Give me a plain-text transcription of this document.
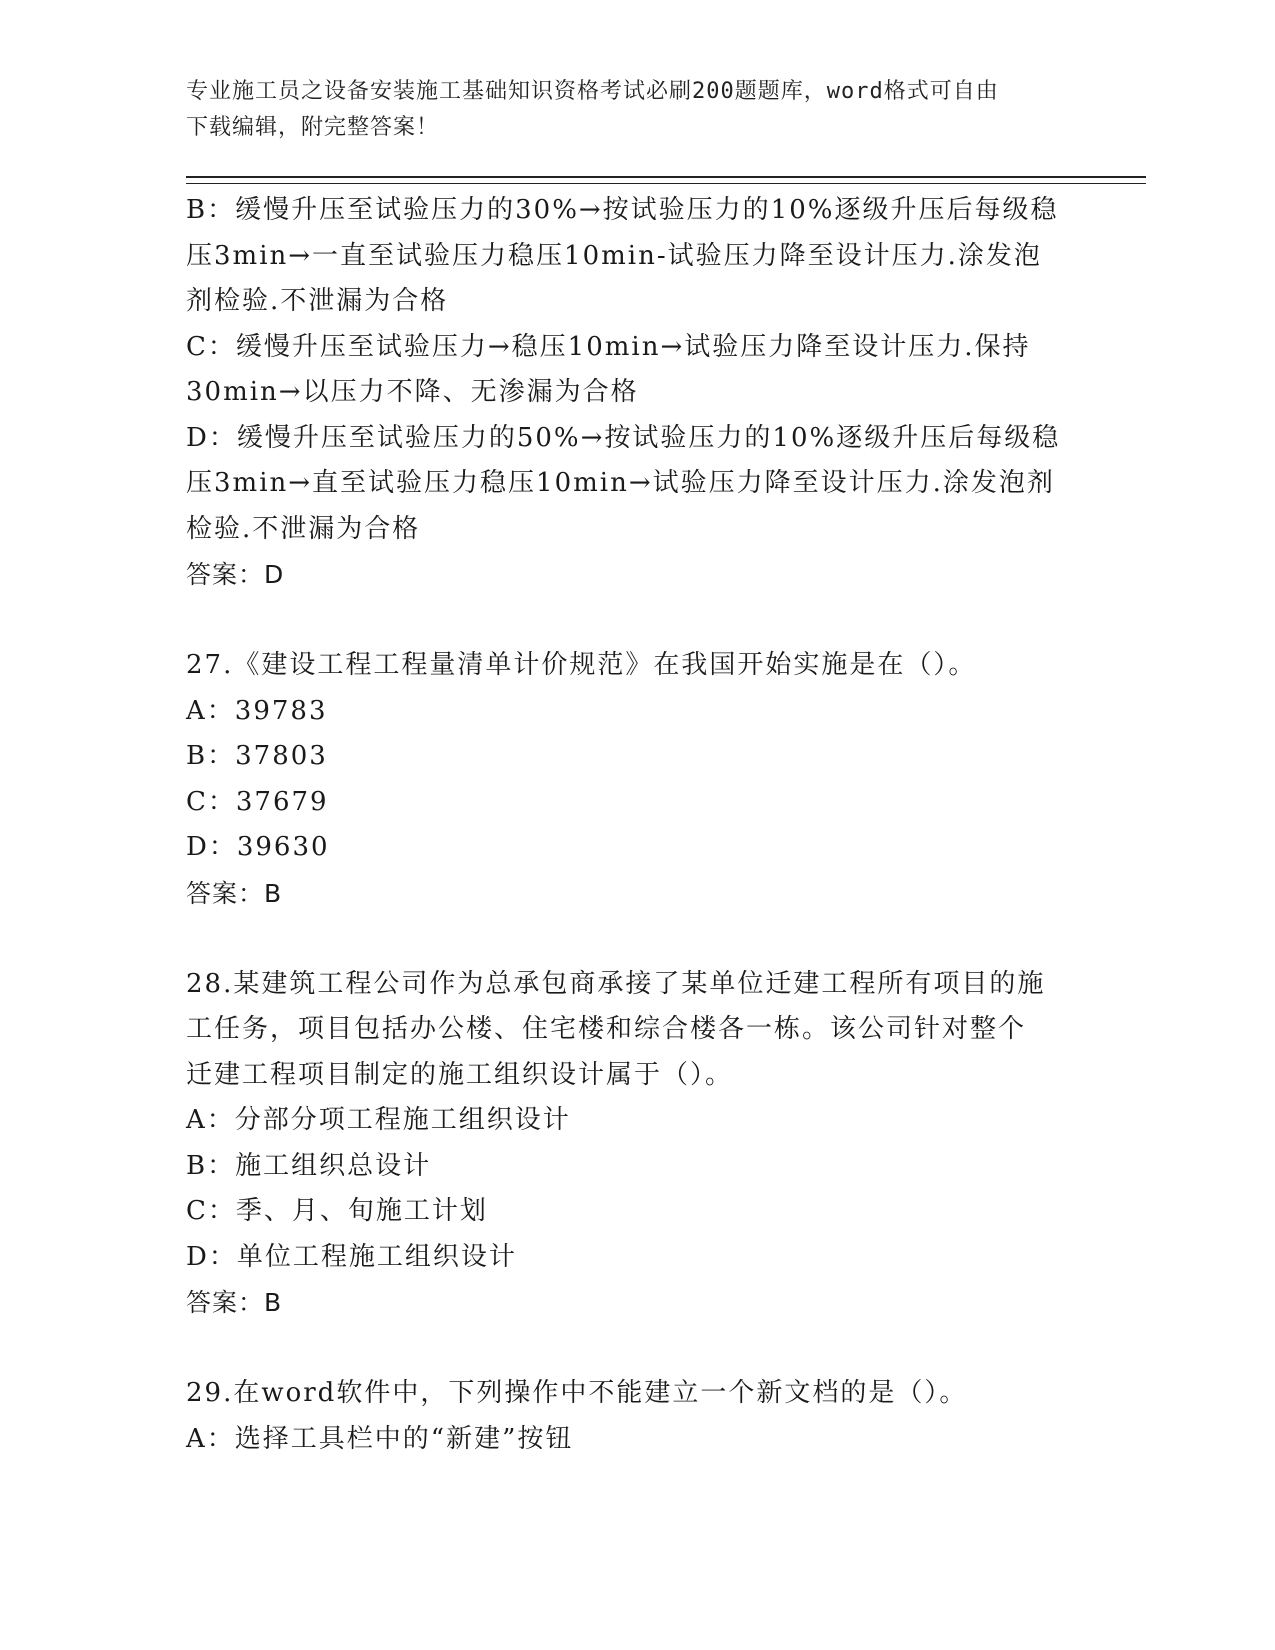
专业施工员之设备安装施工基础知识资格考试必刷200题题库，word格式可自由
下载编辑，附完整答案！
B：缓慢升压至试验压力的30%→按试验压力的10%逐级升压后每级稳
压3min→一直至试验压力稳压10min-试验压力降至设计压力.涂发泡
剂检验.不泄漏为合格
C：缓慢升压至试验压力→稳压10min→试验压力降至设计压力.保持
30min→以压力不降、无渗漏为合格
D：缓慢升压至试验压力的50%→按试验压力的10%逐级升压后每级稳
压3min→直至试验压力稳压10min→试验压力降至设计压力.涂发泡剂
检验.不泄漏为合格
答案：D
27.《建设工程工程量清单计价规范》在我国开始实施是在（）。
A：39783
B：37803
C：37679
D：39630
答案：B
28.某建筑工程公司作为总承包商承接了某单位迁建工程所有项目的施
工任务，项目包括办公楼、住宅楼和综合楼各一栋。该公司针对整个
迁建工程项目制定的施工组织设计属于（）。
A：分部分项工程施工组织设计
B：施工组织总设计
C：季、月、旬施工计划
D：单位工程施工组织设计
答案：B
29.在word软件中，下列操作中不能建立一个新文档的是（）。
A：选择工具栏中的“新建”按钮
